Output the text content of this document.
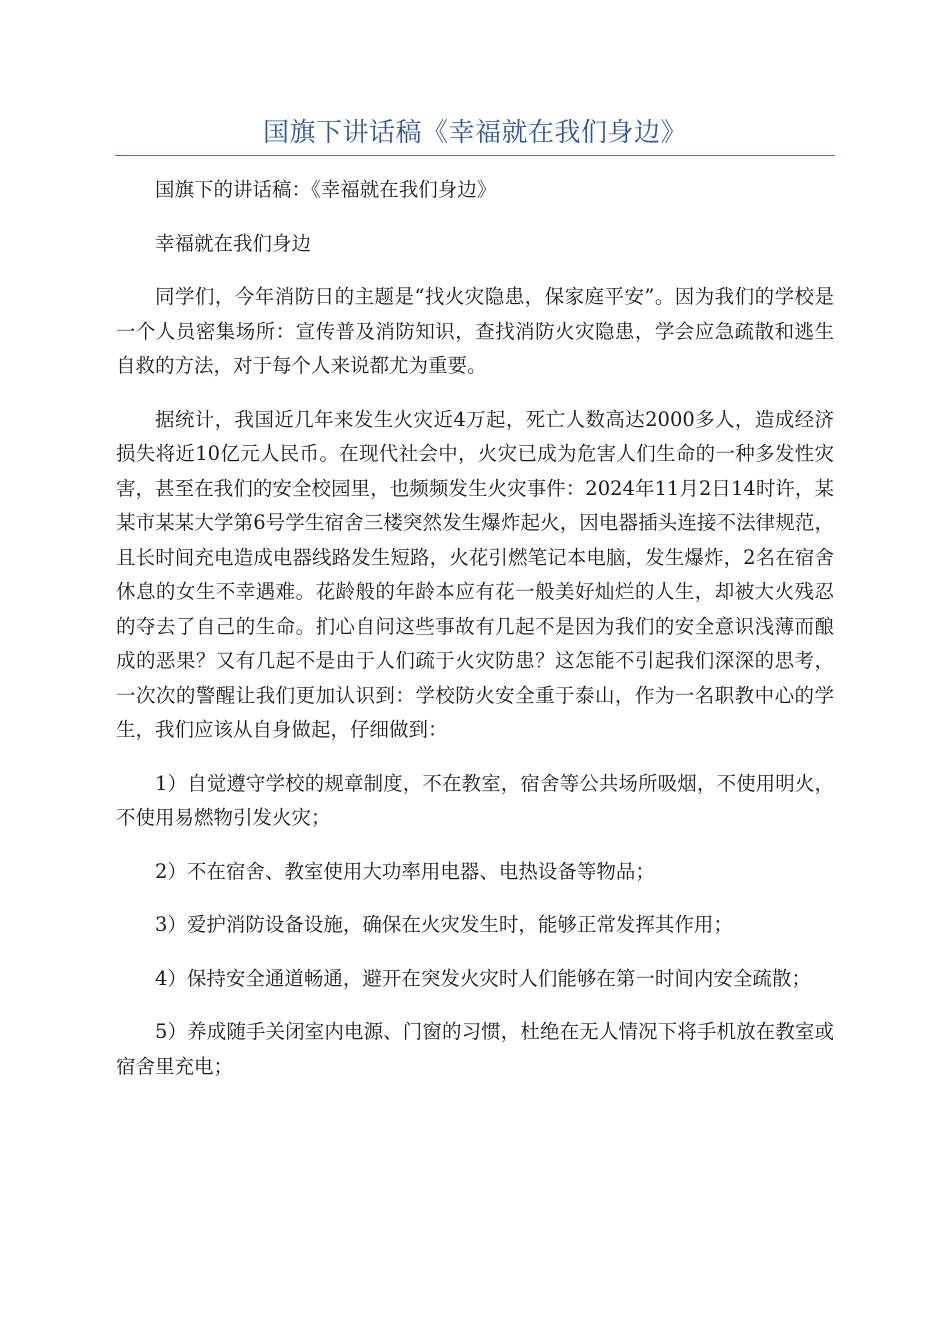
国旗下讲话稿《幸福就在我们身边》

国旗下的讲话稿：《幸福就在我们身边》

幸福就在我们身边

同学们，今年消防日的主题是“找火灾隐患，保家庭平安”。因为我们的学校是一个人员密集场所：宣传普及消防知识，查找消防火灾隐患，学会应急疏散和逃生自救的方法，对于每个人来说都尤为重要。

据统计，我国近几年来发生火灾近4万起，死亡人数高达2000多人，造成经济损失将近10亿元人民币。在现代社会中，火灾已成为危害人们生命的一种多发性灾害，甚至在我们的安全校园里，也频频发生火灾事件：2024年11月2日14时许，某某市某某大学第6号学生宿舍三楼突然发生爆炸起火，因电器插头连接不法律规范，且长时间充电造成电器线路发生短路，火花引燃笔记本电脑，发生爆炸，2名在宿舍休息的女生不幸遇难。花龄般的年龄本应有花一般美好灿烂的人生，却被大火残忍的夺去了自己的生命。扪心自问这些事故有几起不是因为我们的安全意识浅薄而酿成的恶果？又有几起不是由于人们疏于火灾防患？这怎能不引起我们深深的思考，一次次的警醒让我们更加认识到：学校防火安全重于泰山，作为一名职教中心的学生，我们应该从自身做起，仔细做到：

1）自觉遵守学校的规章制度，不在教室，宿舍等公共场所吸烟，不使用明火，不使用易燃物引发火灾；

2）不在宿舍、教室使用大功率用电器、电热设备等物品；

3）爱护消防设备设施，确保在火灾发生时，能够正常发挥其作用；

4）保持安全通道畅通，避开在突发火灾时人们能够在第一时间内安全疏散；

5）养成随手关闭室内电源、门窗的习惯，杜绝在无人情况下将手机放在教室或宿舍里充电；
